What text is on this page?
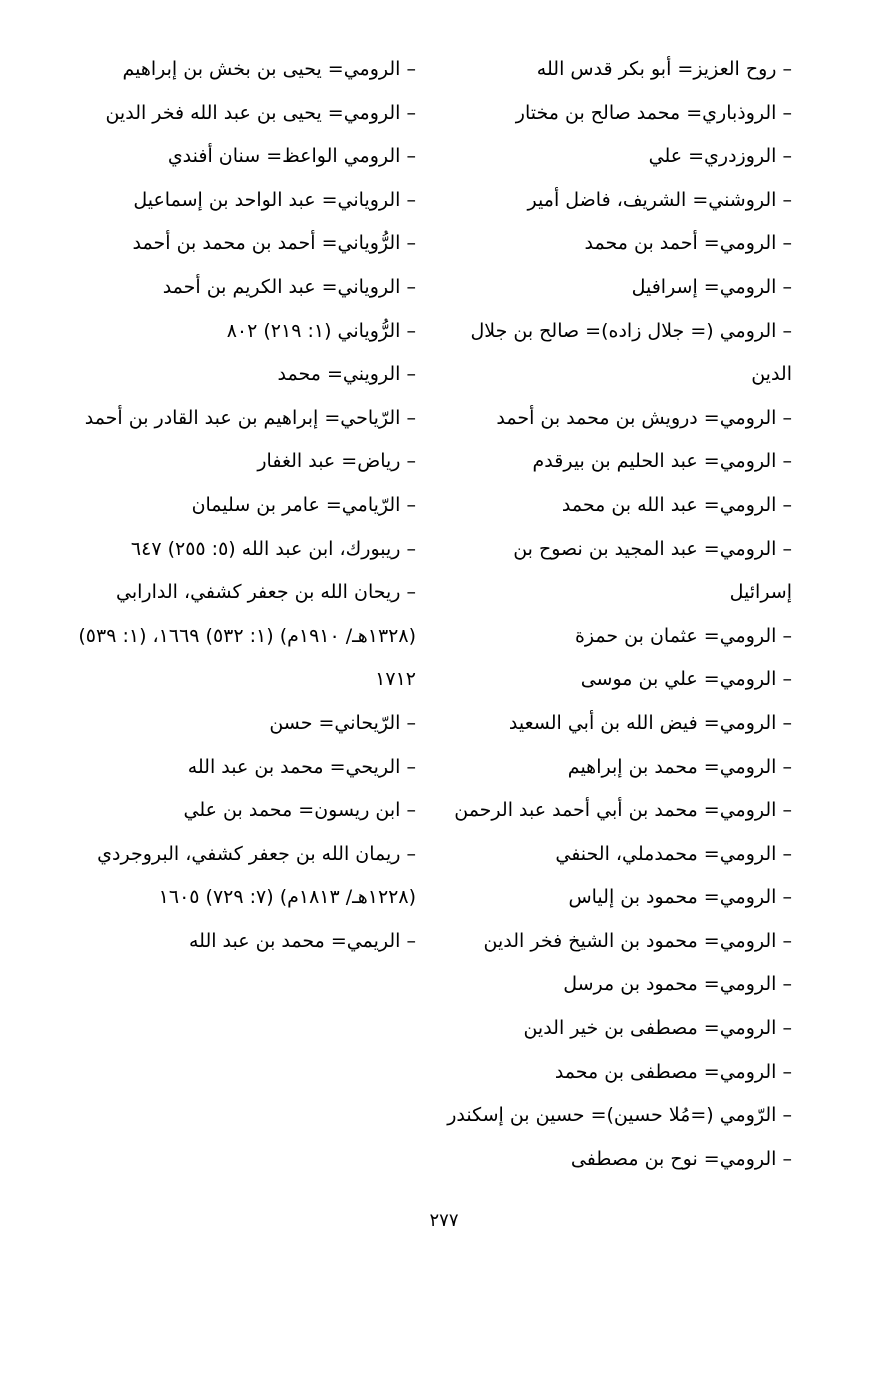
– روح العزيز= أبو بكر قدس الله
– الروذباري= محمد صالح بن مختار
– الروزدري= علي
– الروشني= الشريف، فاضل أمير
– الرومي= أحمد بن محمد
– الرومي= إسرافيل
– الرومي (= جلال زاده)= صالح بن جلال الدين
– الرومي= درويش بن محمد بن أحمد
– الرومي= عبد الحليم بن بيرقدم
– الرومي= عبد الله بن محمد
– الرومي= عبد المجيد بن نصوح بن إسرائيل
– الرومي= عثمان بن حمزة
– الرومي= علي بن موسى
– الرومي= فيض الله بن أبي السعيد
– الرومي= محمد بن إبراهيم
– الرومي= محمد بن أبي أحمد عبد الرحمن
– الرومي= محمدملي، الحنفي
– الرومي= محمود بن إلياس
– الرومي= محمود بن الشيخ فخر الدين
– الرومي= محمود بن مرسل
– الرومي= مصطفى بن خير الدين
– الرومي= مصطفى بن محمد
– الرّومي (=مُلا حسين)= حسين بن إسكندر
– الرومي= نوح بن مصطفى
– الرومي= يحيى بن بخش بن إبراهيم
– الرومي= يحيى بن عبد الله فخر الدين
– الرومي الواعظ= سنان أفندي
– الروياني= عبد الواحد بن إسماعيل
– الرُّوياني= أحمد بن محمد بن أحمد
– الروياني= عبد الكريم بن أحمد
– الرُّوياني (١: ٢١٩) ٨٠٢
– الرويني= محمد
– الرّياحي= إبراهيم بن عبد القادر بن أحمد
– رياض= عبد الغفار
– الرّيامي= عامر بن سليمان
– ريبورك، ابن عبد الله (٥: ٢٥٥) ٦٤٧
– ريحان الله بن جعفر كشفي، الدارابي (١٣٢٨هـ/ ١٩١٠م) (١: ٥٣٢) ١٦٦٩، (١: ٥٣٩) ١٧١٢
– الرّيحاني= حسن
– الريحي= محمد بن عبد الله
– ابن ريسون= محمد بن علي
– ريمان الله بن جعفر كشفي، البروجردي (١٢٢٨هـ/ ١٨١٣م) (٧: ٧٢٩) ١٦٠٥
– الريمي= محمد بن عبد الله
٢٧٧
